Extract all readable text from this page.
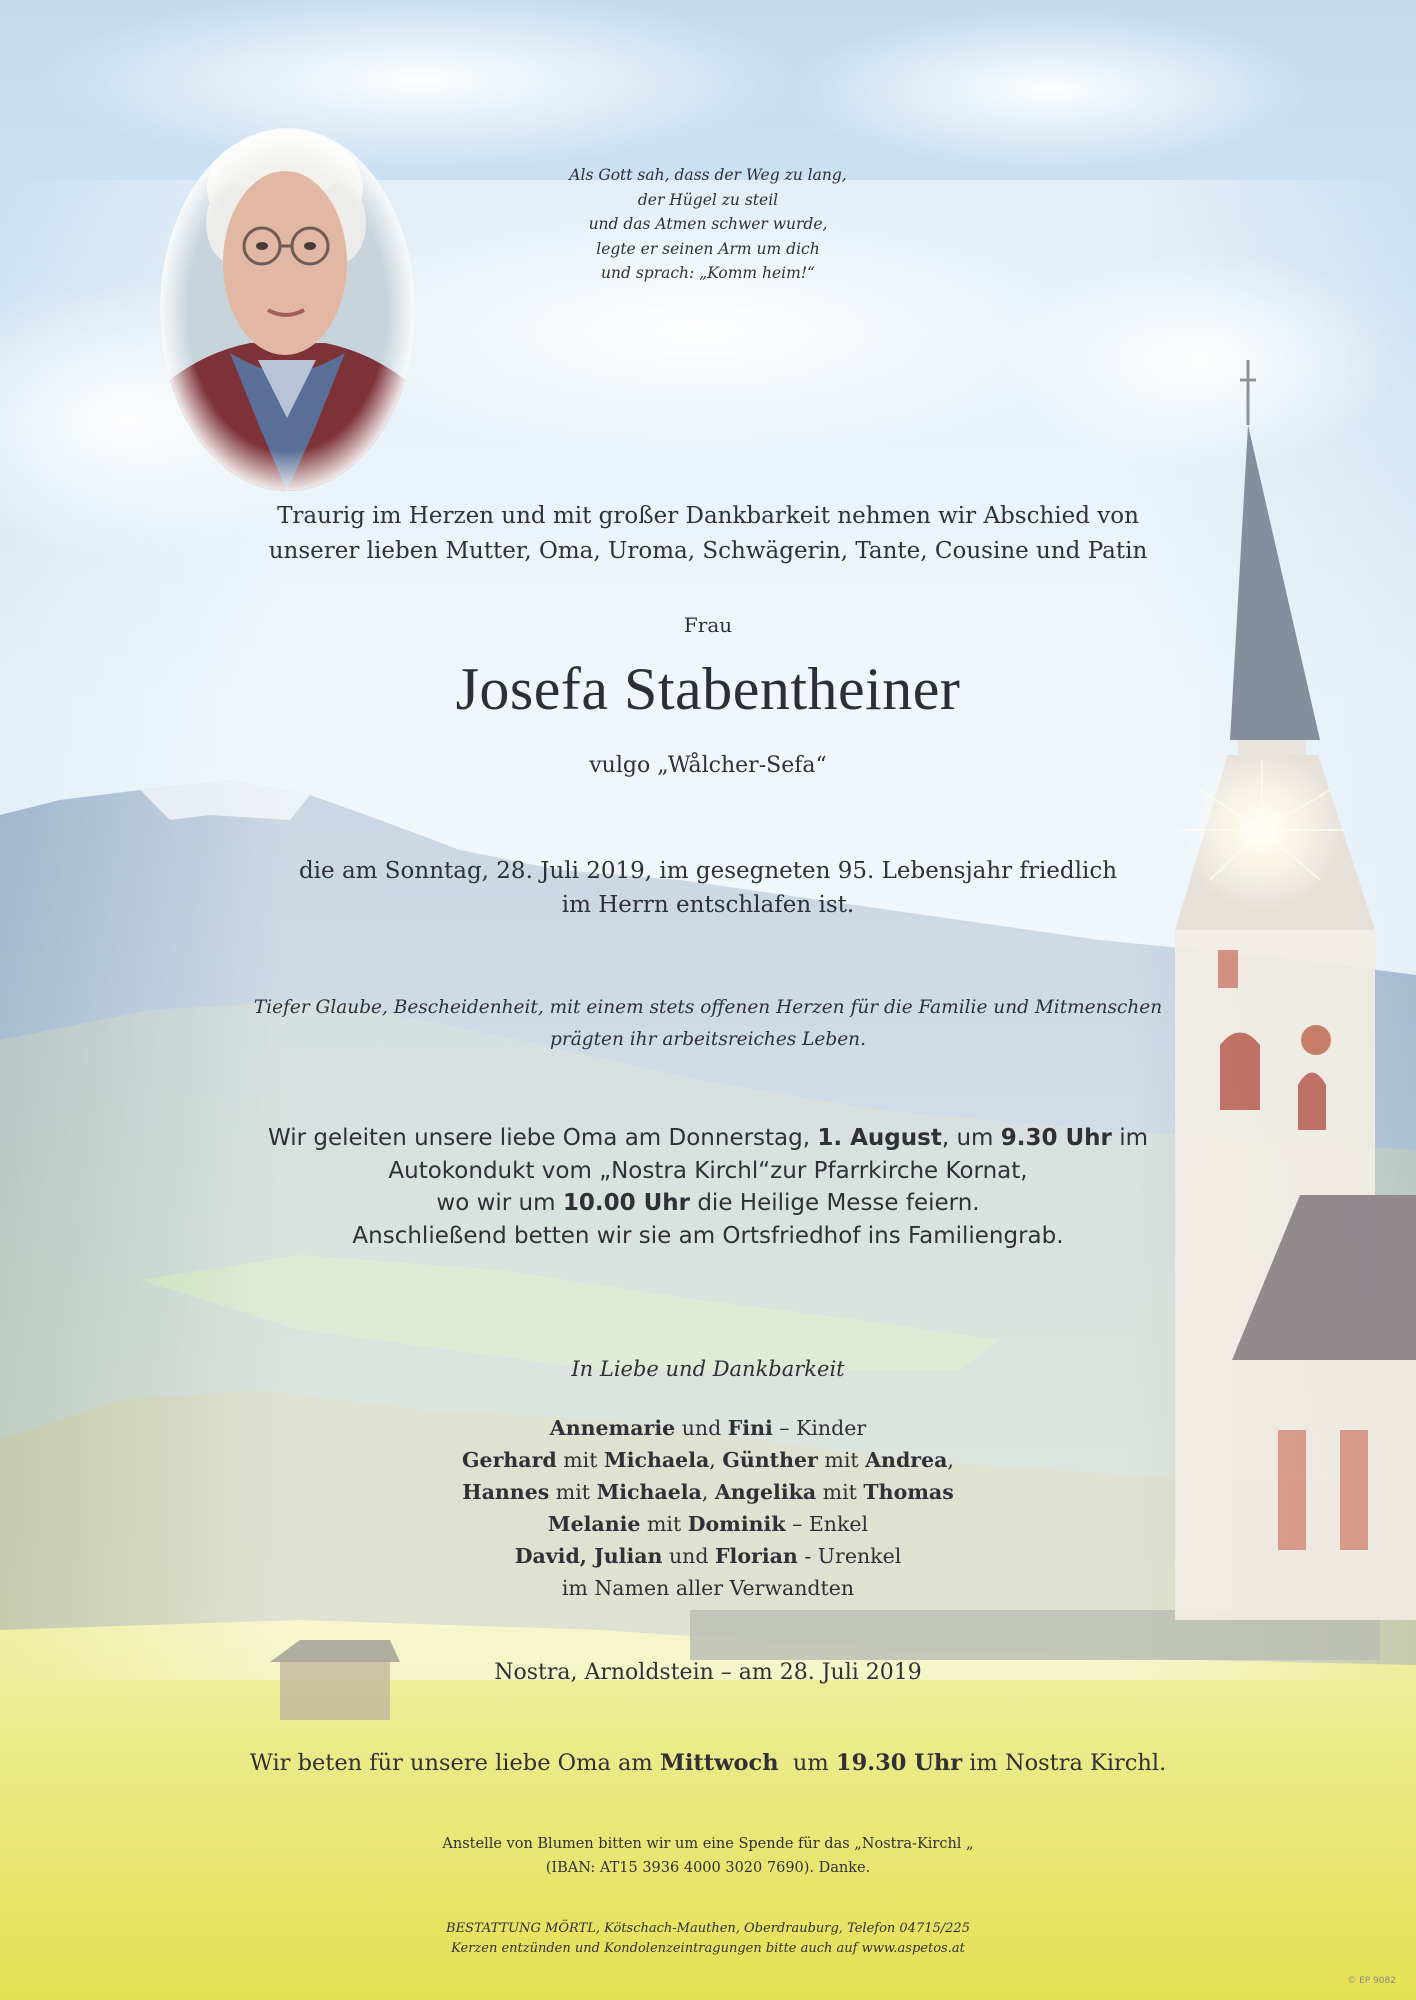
Als Gott sah, dass der Weg zu lang,
der Hügel zu steil
und das Atmen schwer wurde,
legte er seinen Arm um dich
und sprach: „Komm heim!“
Traurig im Herzen und mit großer Dankbarkeit nehmen wir Abschied von
unserer lieben Mutter, Oma, Uroma, Schwägerin, Tante, Cousine und Patin
Frau
Josefa Stabentheiner
vulgo „Wålcher-Sefa“
die am Sonntag, 28. Juli 2019, im gesegneten 95. Lebensjahr friedlich
im Herrn entschlafen ist.
Tiefer Glaube, Bescheidenheit, mit einem stets offenen Herzen für die Familie und Mitmenschen
prägten ihr arbeitsreiches Leben.
Wir geleiten unsere liebe Oma am Donnerstag, 1. August, um 9.30 Uhr im
Autokondukt vom „Nostra Kirchl“zur Pfarrkirche Kornat,
wo wir um 10.00 Uhr die Heilige Messe feiern.
Anschließend betten wir sie am Ortsfriedhof ins Familiengrab.
In Liebe und Dankbarkeit
Annemarie und Fini – Kinder
Gerhard mit Michaela, Günther mit Andrea,
Hannes mit Michaela, Angelika mit Thomas
Melanie mit Dominik – Enkel
David, Julian und Florian - Urenkel
im Namen aller Verwandten
Nostra, Arnoldstein – am 28. Juli 2019
Wir beten für unsere liebe Oma am Mittwoch  um 19.30 Uhr im Nostra Kirchl.
Anstelle von Blumen bitten wir um eine Spende für das „Nostra-Kirchl „
(IBAN: AT15 3936 4000 3020 7690). Danke.
BESTATTUNG MÖRTL, Kötschach-Mauthen, Oberdrauburg, Telefon 04715/225
Kerzen entzünden und Kondolenzeintragungen bitte auch auf www.aspetos.at
© EP 9082
